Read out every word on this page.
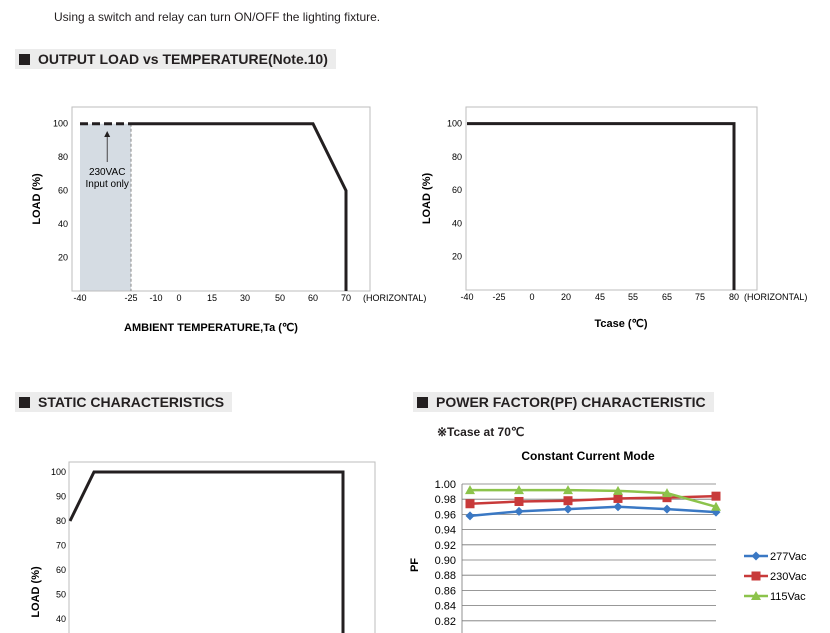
Using a switch and relay can turn ON/OFF the lighting fixture.
OUTPUT LOAD vs TEMPERATURE(Note.10)
STATIC CHARACTERISTICS	POWER FACTOR(PF) CHARACTERISTIC
※Tcase at 70℃
20
40
60
80
100
-40	-25 -10 0	15	30	50	60	70 (HORIZONTAL)
230VAC
Input only
LOAD (%)
AMBIENT TEMPERATURE,Ta (℃)
20
40
60
80
100
-40 -25	0	20	45	55	65	75	80 (HORIZONTAL)
LOAD (%)
Tcase (℃)
40
50
60
70
80
90
100
LOAD (%)
Constant Current Mode
1.00
0.98
0.96
0.94
0.92
0.90
0.88
0.86
0.84
0.82
PF
277Vac
230Vac
115Vac
